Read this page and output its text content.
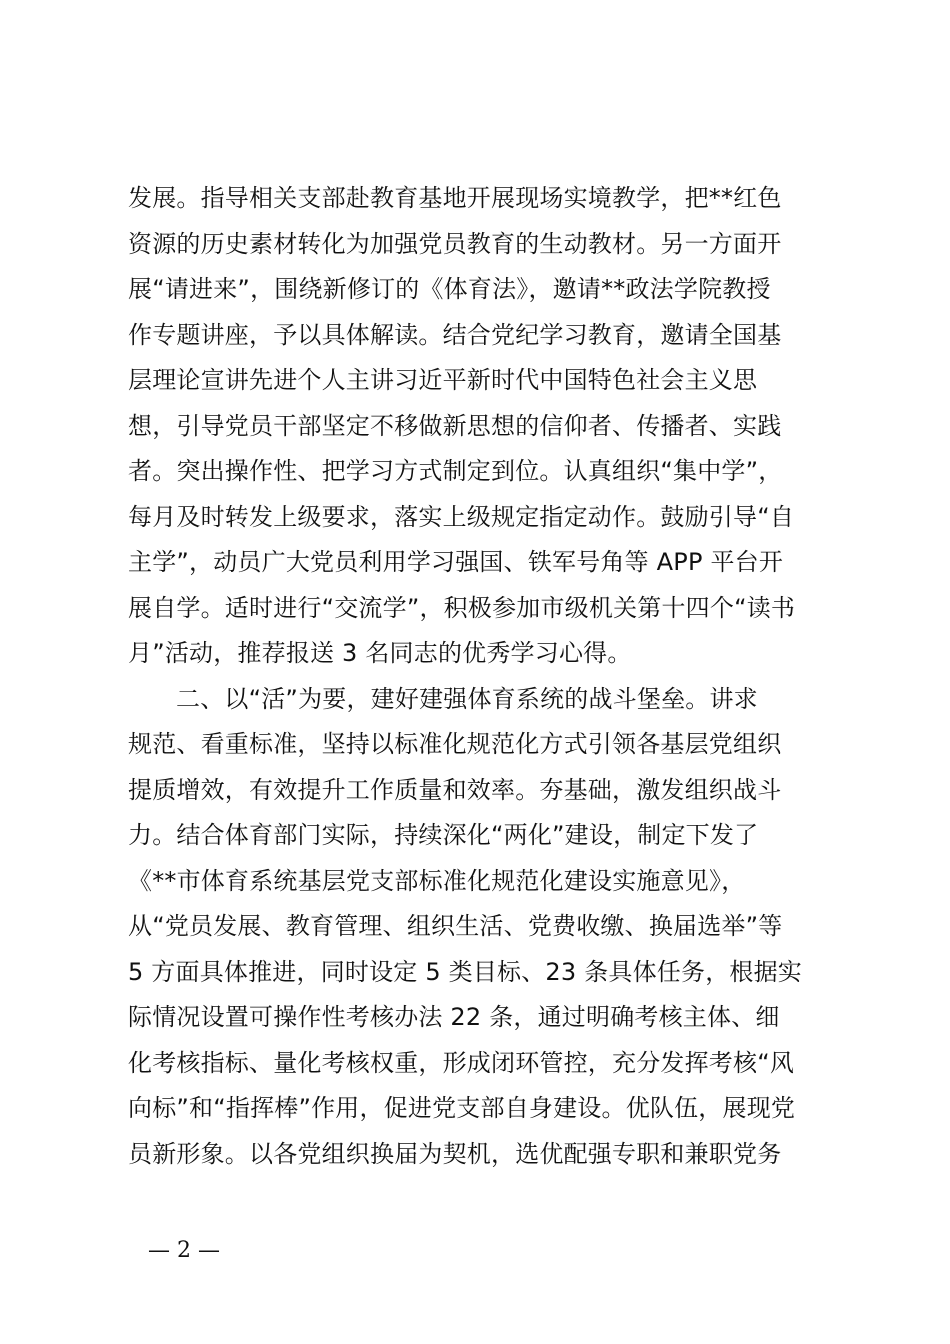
发展。指导相关支部赴教育基地开展现场实境教学，把**红色
资源的历史素材转化为加强党员教育的生动教材。另一方面开
展“请进来”，围绕新修订的《体育法》，邀请**政法学院教授
作专题讲座，予以具体解读。结合党纪学习教育，邀请全国基
层理论宣讲先进个人主讲习近平新时代中国特色社会主义思
想，引导党员干部坚定不移做新思想的信仰者、传播者、实践
者。突出操作性、把学习方式制定到位。认真组织“集中学”，
每月及时转发上级要求，落实上级规定指定动作。鼓励引导“自
主学”，动员广大党员利用学习强国、铁军号角等 APP 平台开
展自学。适时进行“交流学”，积极参加市级机关第十四个“读书
月”活动，推荐报送 3 名同志的优秀学习心得。
二、以“活”为要，建好建强体育系统的战斗堡垒。讲求
规范、看重标准，坚持以标准化规范化方式引领各基层党组织
提质增效，有效提升工作质量和效率。夯基础，激发组织战斗
力。结合体育部门实际，持续深化“两化”建设，制定下发了
《**市体育系统基层党支部标准化规范化建设实施意见》，
从“党员发展、教育管理、组织生活、党费收缴、换届选举”等
5 方面具体推进，同时设定 5 类目标、23 条具体任务，根据实
际情况设置可操作性考核办法 22 条，通过明确考核主体、细
化考核指标、量化考核权重，形成闭环管控，充分发挥考核“风
向标”和“指挥棒”作用，促进党支部自身建设。优队伍，展现党
员新形象。以各党组织换届为契机，选优配强专职和兼职党务
— 2 —
